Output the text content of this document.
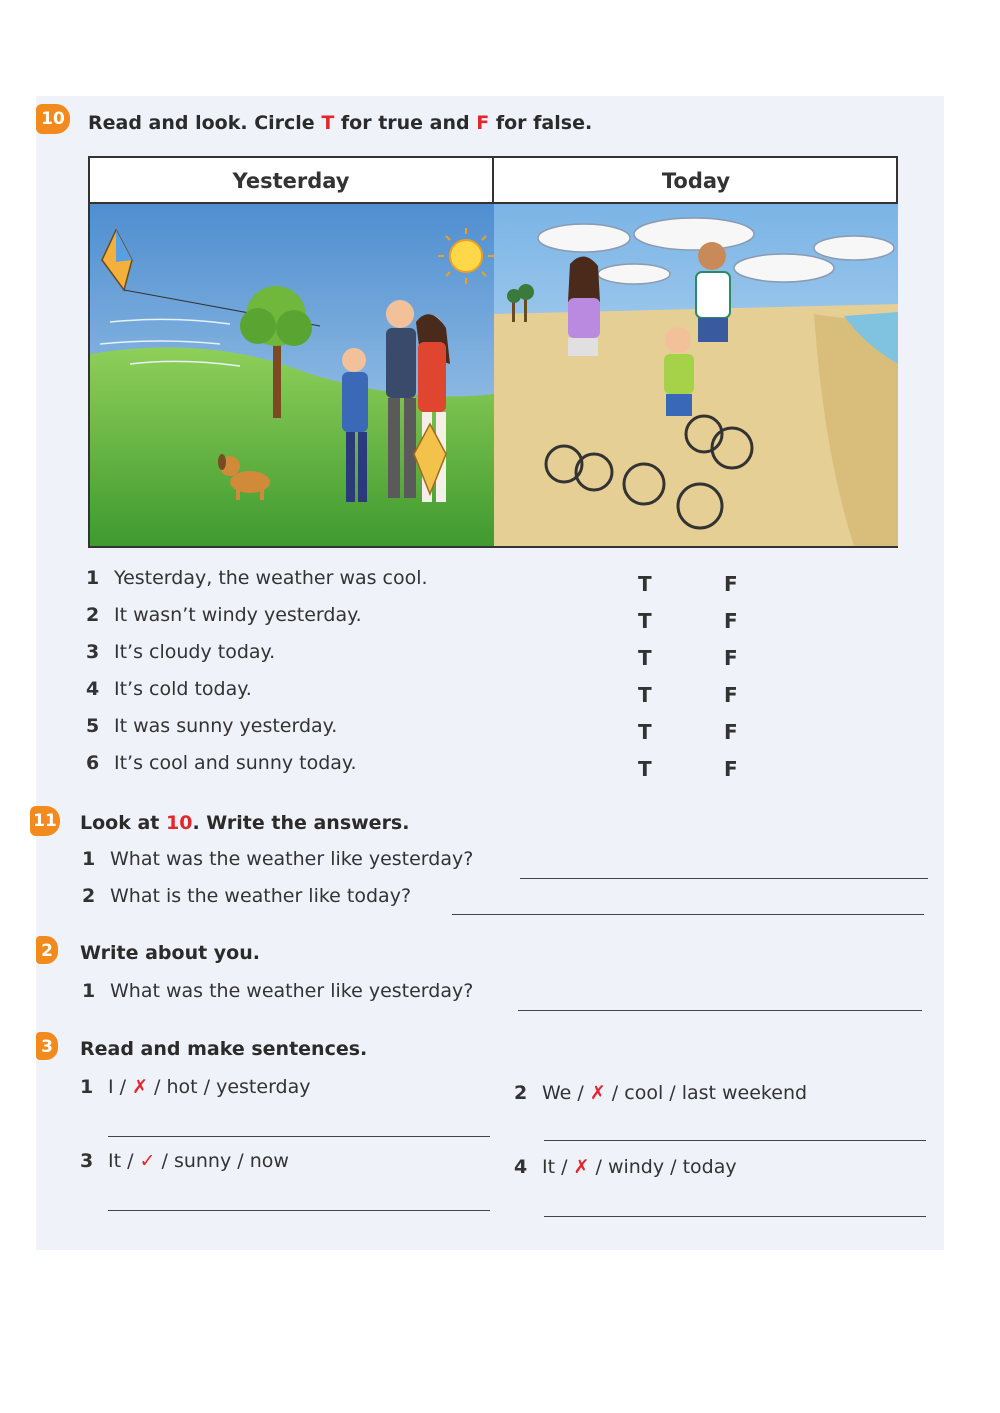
10 Read and look. Circle T for true and F for false.
Yesterday	Today
1 Yesterday, the weather was cool.	T	F
2 It wasn’t windy yesterday.	T	F
3 It’s cloudy today.	T	F
4 It’s cold today.	T	F
5 It was sunny yesterday.	T	F
6 It’s cool and sunny today.	T	F
11 Look at 10. Write the answers.
1 What was the weather like yesterday?
2 What is the weather like today?
2 Write about you.
1 What was the weather like yesterday?
3 Read and make sentences.
1 I / ✗ / hot / yesterday	2 We / ✗ / cool / last weekend
3 It / ✓ / sunny / now	4 It / ✗ / windy / today
